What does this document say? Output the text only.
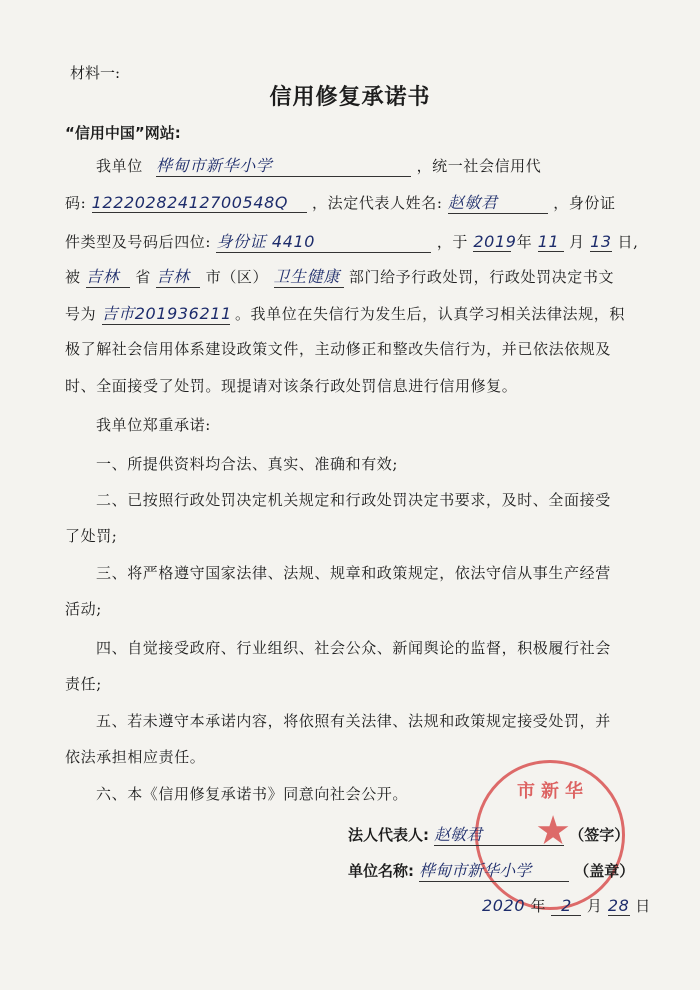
材料一:
信用修复承诺书
“信用中国”网站:
我单位 桦甸市新华小学	，统一社会信用代
码: 12220282412700548Q ，法定代表人姓名: 赵敏君	，身份证
件类型及号码后四位: 身份证 4410	，于 2019 年 11 月 13 日,
被 吉林 省 吉林 市（区） 卫生健康 部门给予行政处罚，行政处罚决定书文
号为 吉市201936211 。我单位在失信行为发生后，认真学习相关法律法规，积
极了解社会信用体系建设政策文件，主动修正和整改失信行为，并已依法依规及
时、全面接受了处罚。现提请对该条行政处罚信息进行信用修复。
我单位郑重承诺:
一、所提供资料均合法、真实、准确和有效;
二、已按照行政处罚决定机关规定和行政处罚决定书要求，及时、全面接受
了处罚;
三、将严格遵守国家法律、法规、规章和政策规定，依法守信从事生产经营
活动;
四、自觉接受政府、行业组织、社会公众、新闻舆论的监督，积极履行社会
责任;
五、若未遵守本承诺内容，将依照有关法律、法规和政策规定接受处罚，并
依法承担相应责任。
六、本《信用修复承诺书》同意向社会公开。	市新华
★
法人代表人: 赵敏君	（签字）
单位名称: 桦甸市新华小学	（盖章）
2020 年 2 月 28 日
